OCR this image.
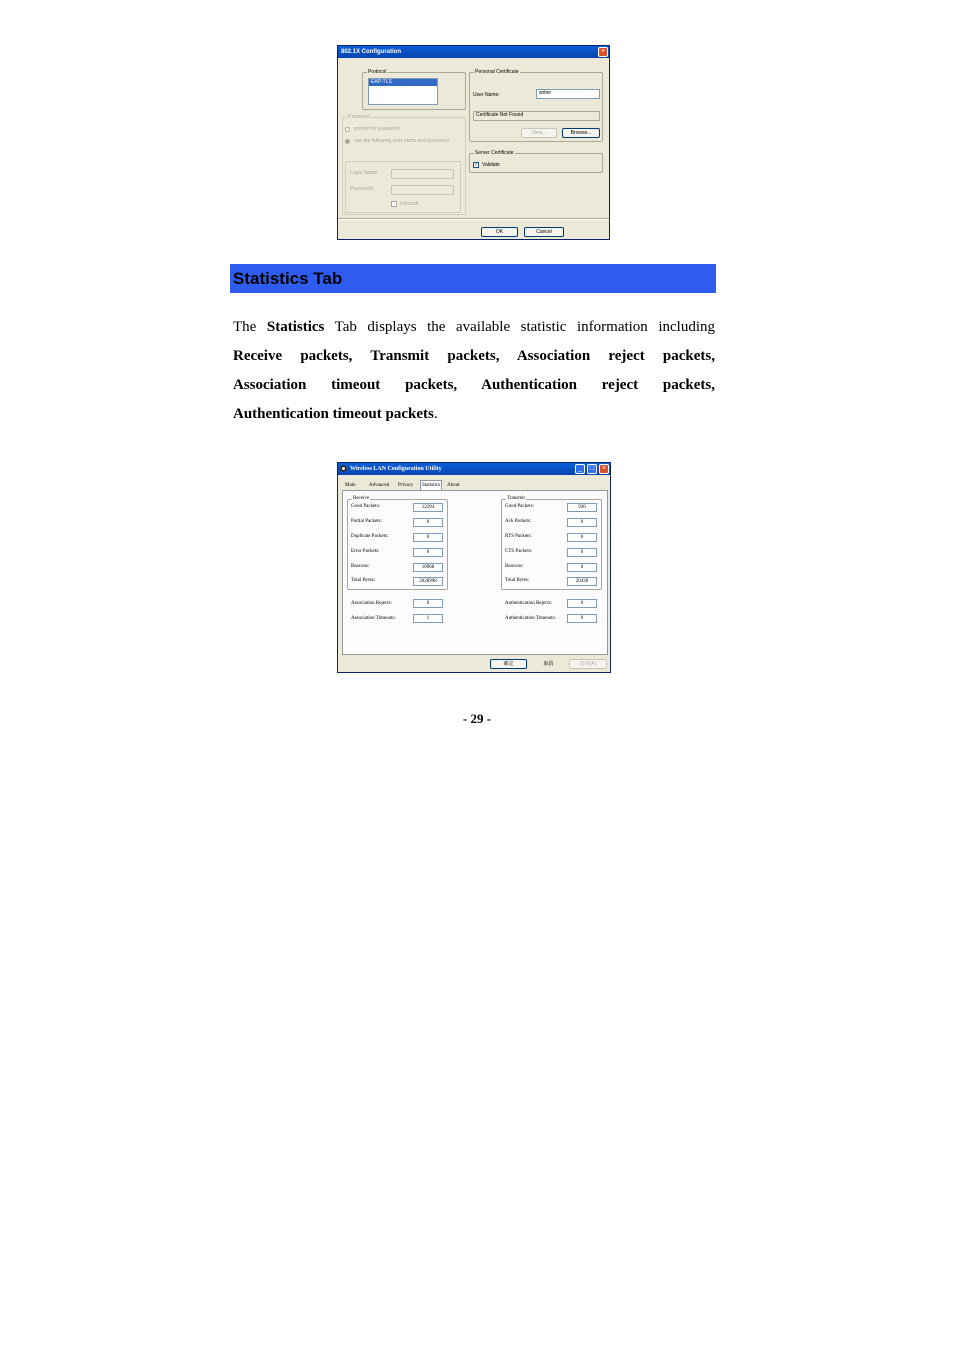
802.1X Configuration	×
Protocol
EAP-TLS
Password
prompt for password
use the following user name and password
Login Name:
Password:
Unmask
Personal Certificate
User Name:	writer
Certificate Not Found
View...	Browse...
Server Certificate
✓ Validate
OK	Cancel
Statistics Tab
The Statistics Tab displays the available statistic information including
Receive packets, Transmit packets, Association reject packets,
Association timeout packets, Authentication reject packets,
Authentication timeout packets.
Wireless LAN Configuration Utility	_	□	×
Main	Advanced Privacy	Statistics	About
Receive
Good Packets:	12294
Partial Packets:	0
Duplicate Packets:	0
Error Packets:	0
Beacons:	10968
Total Bytes:	2028998
Transmit
Good Packets:	930
Ack Packets:	0
RTS Packets:	0
CTS Packets:	0
Beacons:	0
Total Bytes:	20430
Association Rejects:	0
Association Timeouts:	1
Authentication Rejects:	0
Authentication Timeouts:	0
確定	取消	套用(A)
- 29 -
